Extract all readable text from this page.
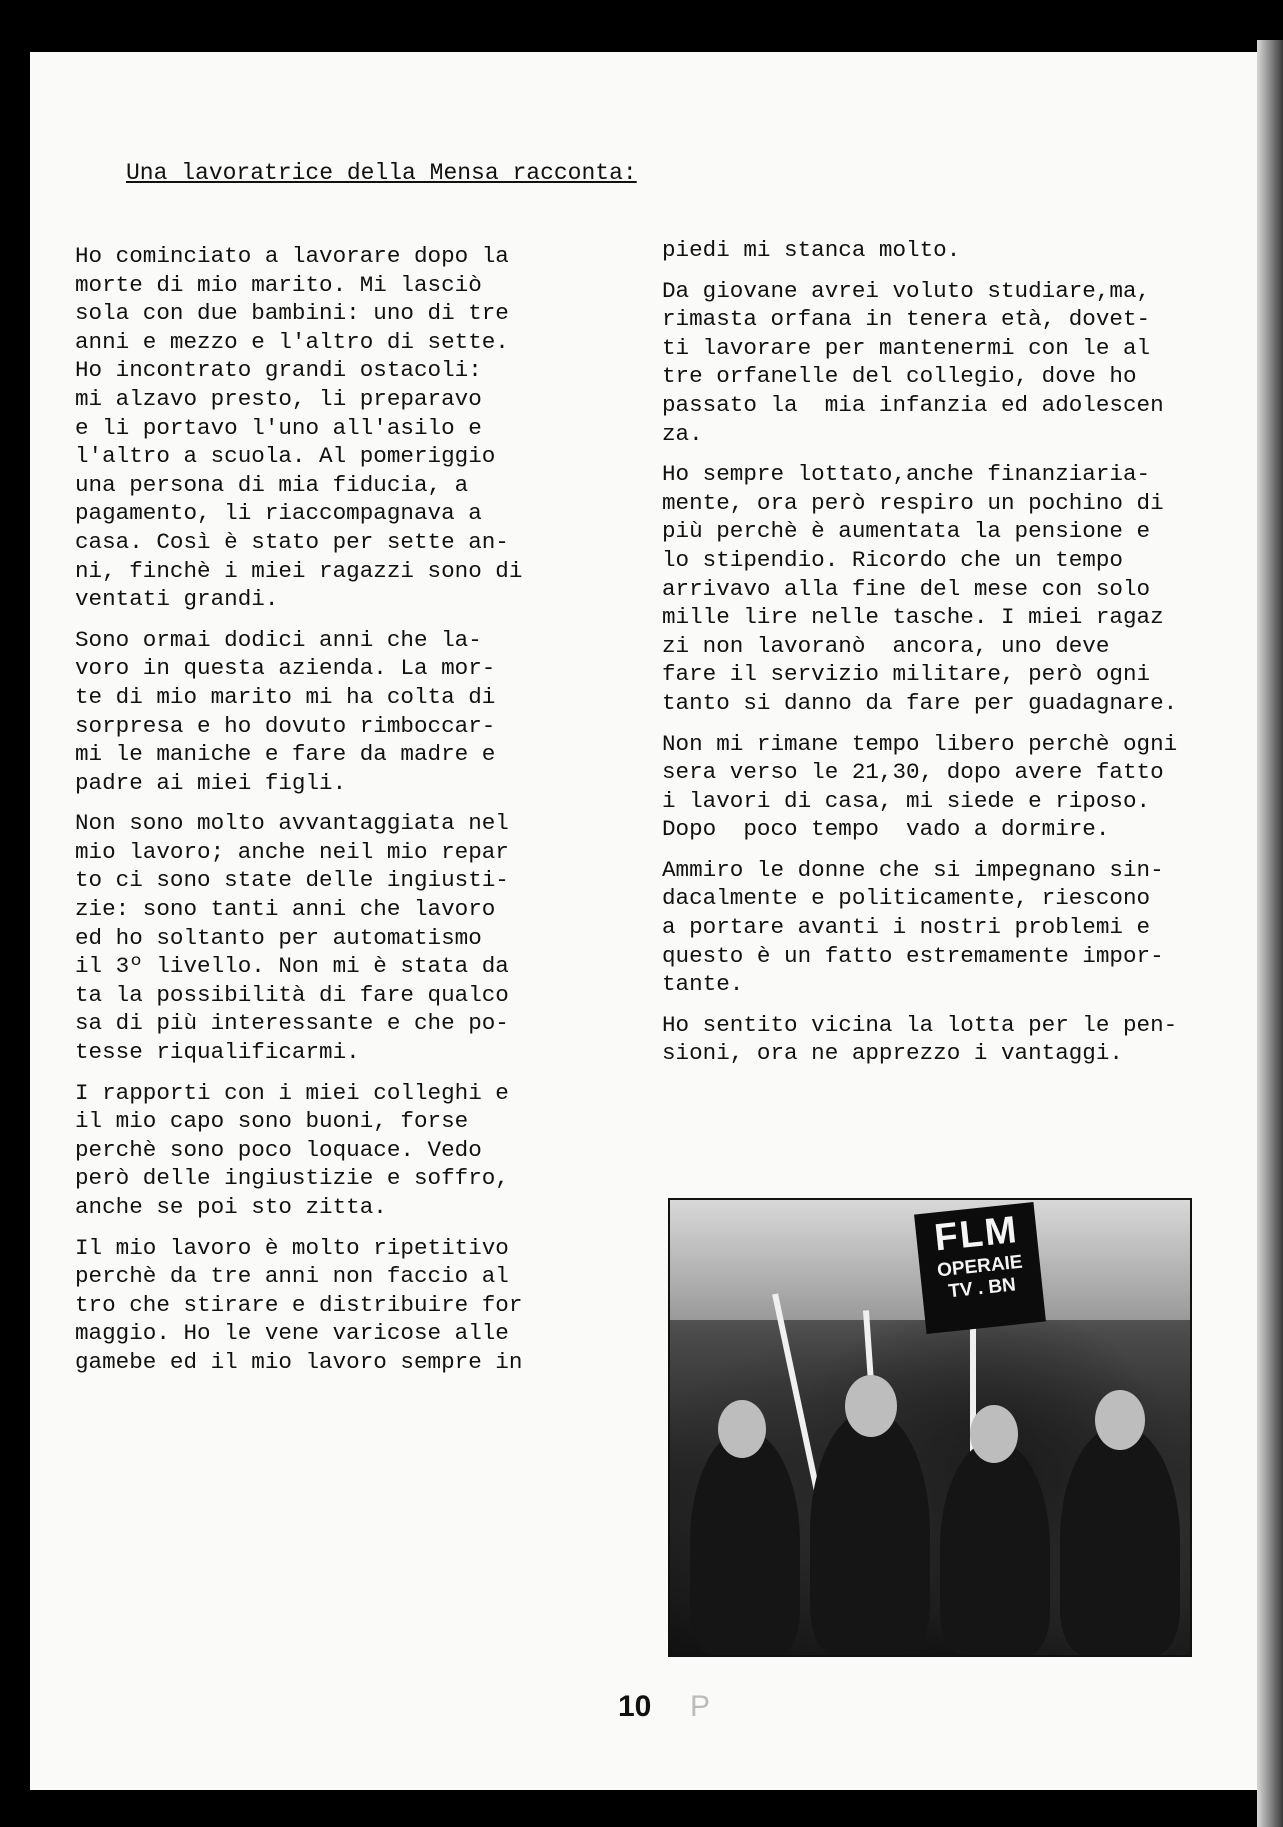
Una lavoratrice della Mensa racconta:

Ho cominciato a lavorare dopo la
morte di mio marito. Mi lasciò
sola con due bambini: uno di tre
anni e mezzo e l'altro di sette.
Ho incontrato grandi ostacoli:
mi alzavo presto, li preparavo
e li portavo l'uno all'asilo e
l'altro a scuola. Al pomeriggio
una persona di mia fiducia, a
pagamento, li riaccompagnava a
casa. Così è stato per sette an-
ni, finchè i miei ragazzi sono di
ventati grandi.

Sono ormai dodici anni che la-
voro in questa azienda. La mor-
te di mio marito mi ha colta di
sorpresa e ho dovuto rimboccar-
mi le maniche e fare da madre e
padre ai miei figli.

Non sono molto avvantaggiata nel
mio lavoro; anche neil mio repar
to ci sono state delle ingiusti-
zie: sono tanti anni che lavoro
ed ho soltanto per automatismo
il 3º livello. Non mi è stata da
ta la possibilità di fare qualco
sa di più interessante e che po-
tesse riqualificarmi.

I rapporti con i miei colleghi e
il mio capo sono buoni, forse
perchè sono poco loquace. Vedo
però delle ingiustizie e soffro,
anche se poi sto zitta.

Il mio lavoro è molto ripetitivo
perchè da tre anni non faccio al
tro che stirare e distribuire for
maggio. Ho le vene varicose alle
gamebe ed il mio lavoro sempre in

piedi mi stanca molto.

Da giovane avrei voluto studiare,ma,
rimasta orfana in tenera età, dovet-
ti lavorare per mantenermi con le al
tre orfanelle del collegio, dove ho
passato la  mia infanzia ed adolescen
za.

Ho sempre lottato,anche finanziaria-
mente, ora però respiro un pochino di
più perchè è aumentata la pensione e
lo stipendio. Ricordo che un tempo
arrivavo alla fine del mese con solo
mille lire nelle tasche. I miei ragaz
zi non lavoranò  ancora, uno deve
fare il servizio militare, però ogni
tanto si danno da fare per guadagnare.

Non mi rimane tempo libero perchè ogni
sera verso le 21,30, dopo avere fatto
i lavori di casa, mi siede e riposo.
Dopo  poco tempo  vado a dormire.

Ammiro le donne che si impegnano sin-
dacalmente e politicamente, riescono
a portare avanti i nostri problemi e
questo è un fatto estremamente impor-
tante.

Ho sentito vicina la lotta per le pen-
sioni, ora ne apprezzo i vantaggi.

FLM
OPERAIE
TV . BN
10 P
